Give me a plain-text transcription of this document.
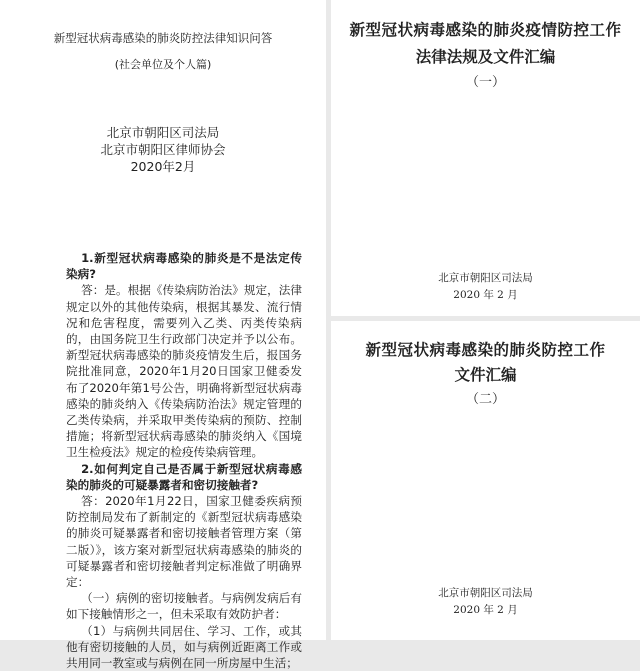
新型冠状病毒感染的肺炎防控法律知识问答
(社会单位及个人篇)
北京市朝阳区司法局
北京市朝阳区律师协会
2020年2月

1.新型冠状病毒感染的肺炎是不是法定传染病?

答：是。根据《传染病防治法》规定，法律规定以外的其他传染病，根据其暴发、流行情况和危害程度，需要列入乙类、丙类传染病的，由国务院卫生行政部门决定并予以公布。新型冠状病毒感染的肺炎疫情发生后，报国务院批准同意，2020年1月20日国家卫健委发布了2020年第1号公告，明确将新型冠状病毒感染的肺炎纳入《传染病防治法》规定管理的乙类传染病，并采取甲类传染病的预防、控制措施；将新型冠状病毒感染的肺炎纳入《国境卫生检疫法》规定的检疫传染病管理。

2.如何判定自己是否属于新型冠状病毒感染的肺炎的可疑暴露者和密切接触者?

答：2020年1月22日，国家卫健委疾病预防控制局发布了新制定的《新型冠状病毒感染的肺炎可疑暴露者和密切接触者管理方案（第二版）》，该方案对新型冠状病毒感染的肺炎的可疑暴露者和密切接触者判定标准做了明确界定：

（一）病例的密切接触者。与病例发病后有如下接触情形之一，但未采取有效防护者：

（1）与病例共同居住、学习、工作，或其他有密切接触的人员，如与病例近距离工作或共用同一教室或与病例在同一所房屋中生活；

新型冠状病毒感染的肺炎疫情防控工作
法律法规及文件汇编
（一）
北京市朝阳区司法局
2020 年 2 月
新型冠状病毒感染的肺炎防控工作
文件汇编
（二）
北京市朝阳区司法局
2020 年 2 月
